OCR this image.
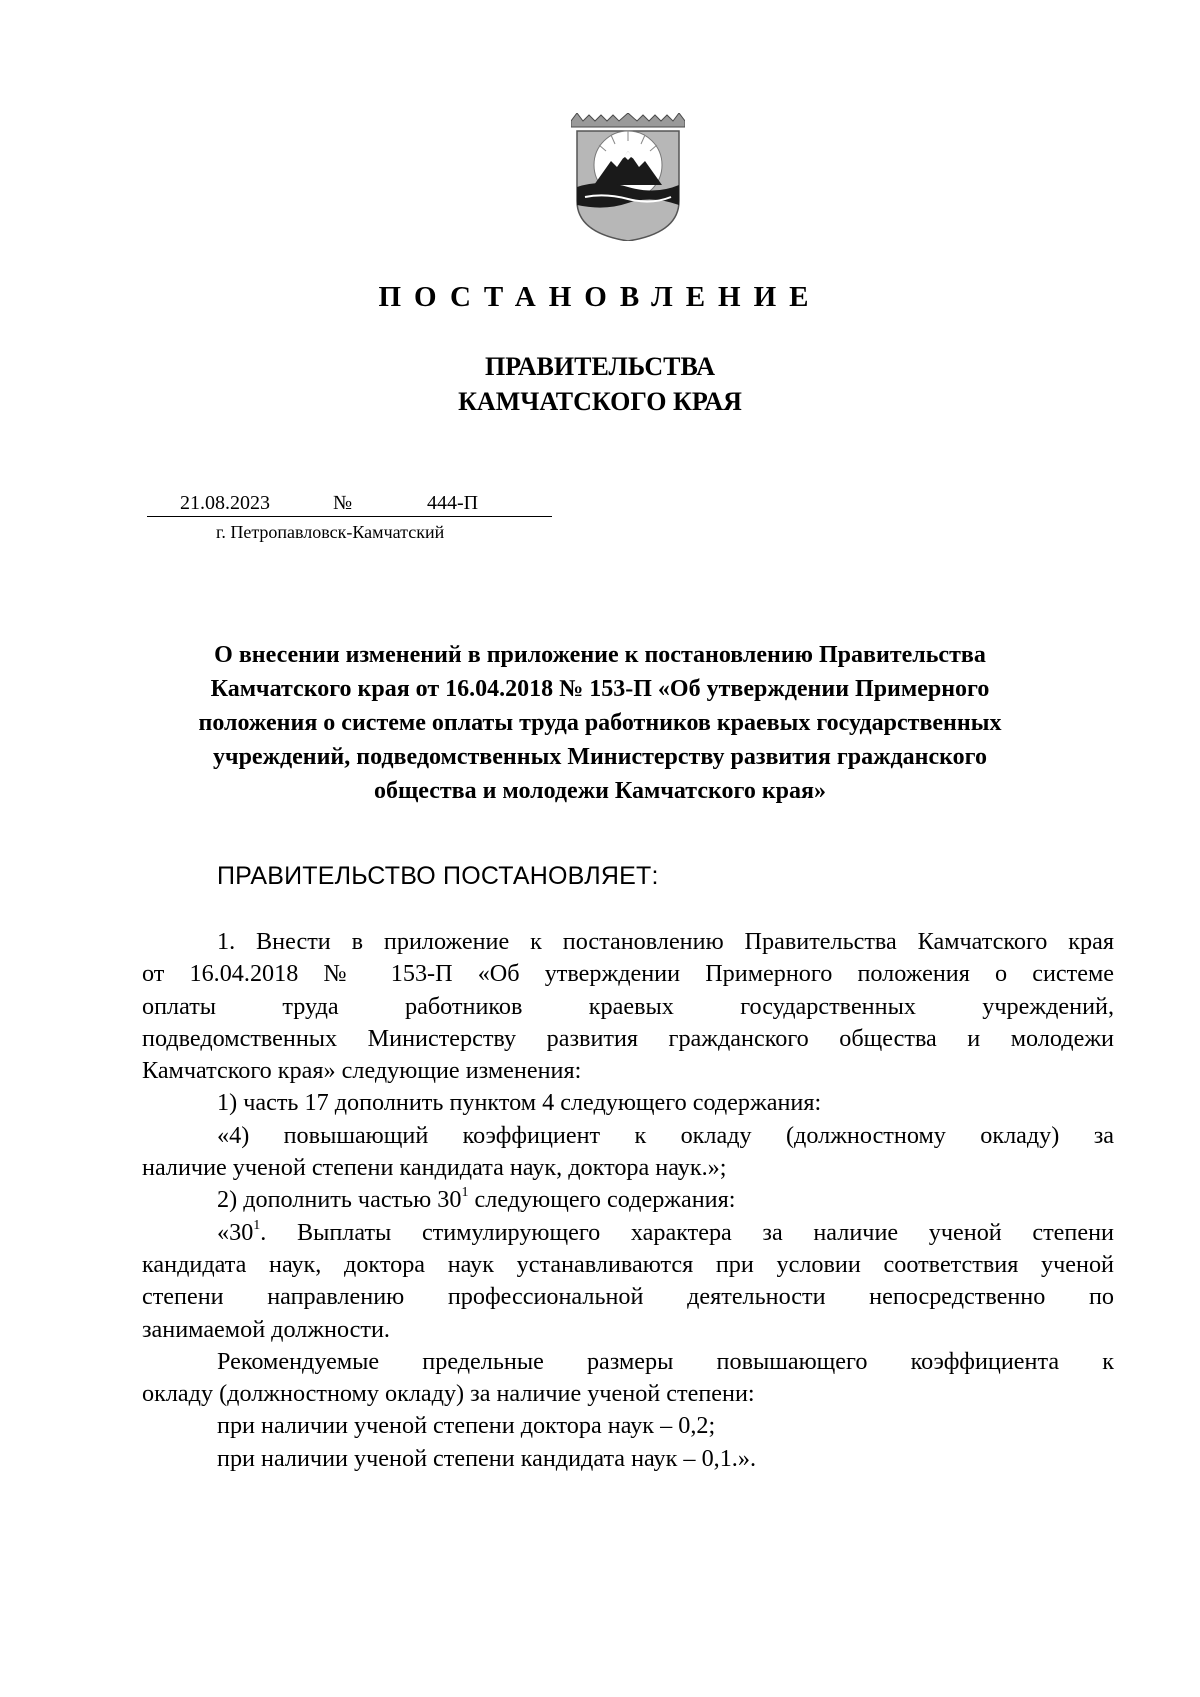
ПОСТАНОВЛЕНИЕ
ПРАВИТЕЛЬСТВА
КАМЧАТСКОГО КРАЯ
21.08.2023	№	444-П
г. Петропавловск-Камчатский
О внесении изменений в приложение к постановлению Правительства
Камчатского края от 16.04.2018 № 153-П «Об утверждении Примерного
положения о системе оплаты труда работников краевых государственных
учреждений, подведомственных Министерству развития гражданского
общества и молодежи Камчатского края»
ПРАВИТЕЛЬСТВО ПОСТАНОВЛЯЕТ:
1. Внести в приложение к постановлению Правительства Камчатского края
от 16.04.2018 № 153-П «Об утверждении Примерного положения о системе
оплаты труда работников краевых государственных учреждений,
подведомственных Министерству развития гражданского общества и молодежи
Камчатского края» следующие изменения:
1) часть 17 дополнить пунктом 4 следующего содержания:
«4) повышающий коэффициент к окладу (должностному окладу) за
наличие ученой степени кандидата наук, доктора наук.»;
2) дополнить частью $30^1$ следующего содержания:
«$30^1$. Выплаты стимулирующего характера за наличие ученой степени
кандидата наук, доктора наук устанавливаются при условии соответствия ученой
степени направлению профессиональной деятельности непосредственно по
занимаемой должности.
Рекомендуемые предельные размеры повышающего коэффициента к
окладу (должностному окладу) за наличие ученой степени:
при наличии ученой степени доктора наук – 0,2;
при наличии ученой степени кандидата наук – 0,1.».
